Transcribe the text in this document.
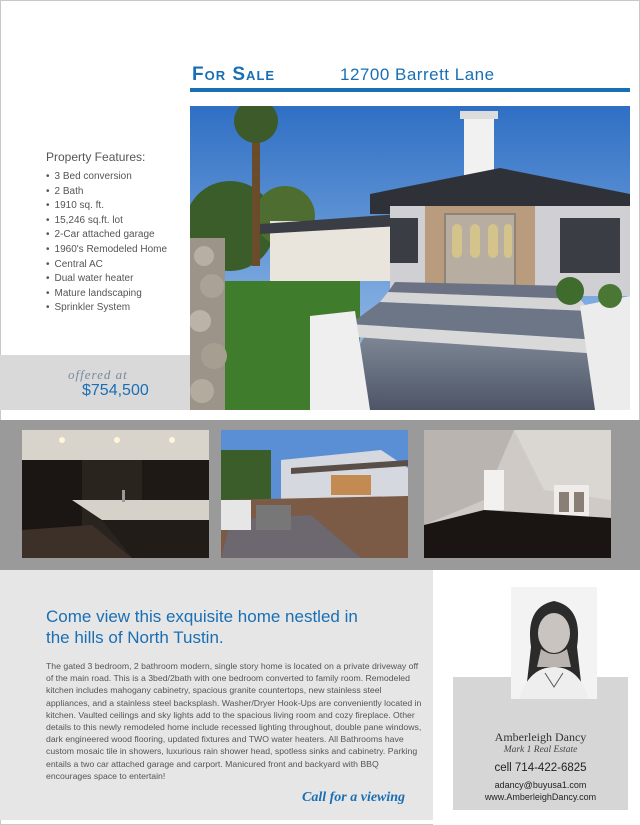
For Sale	12700 Barrett Lane
Property Features:
• 3 Bed conversion
• 2 Bath
• 1910 sq. ft.
• 15,246 sq.ft. lot
• 2-Car attached garage
• 1960's Remodeled Home
• Central AC
• Dual water heater
• Mature landscaping
• Sprinkler System
offered at
$754,500
Come view this exquisite home nestled in
the hills of North Tustin.
The gated 3 bedroom, 2 bathroom modern, single story home is located on a private driveway off of the main road. This is a 3bed/2bath with one bedroom converted to family room. Remodeled kitchen includes mahogany cabinetry, spacious granite countertops, new stainless steel appliances, and a stainless steel backsplash. Washer/Dryer Hook-Ups are conveniently located in kitchen. Vaulted ceilings and sky lights add to the spacious living room and cozy fireplace. Other details to this newly remodeled home include recessed lighting throughout, double pane windows, dark engineered wood flooring, updated fixtures and TWO water heaters. All Bathrooms have custom mosaic tile in showers, luxurious rain shower head, spotless sinks and cabinetry. Parking entails a two car attached garage and carport. Manicured front and backyard with BBQ encourages space to entertain!
Call for a viewing
Amberleigh Dancy
Mark 1 Real Estate
cell 714-422-6825
adancy@buyusa1.com
www.AmberleighDancy.com
